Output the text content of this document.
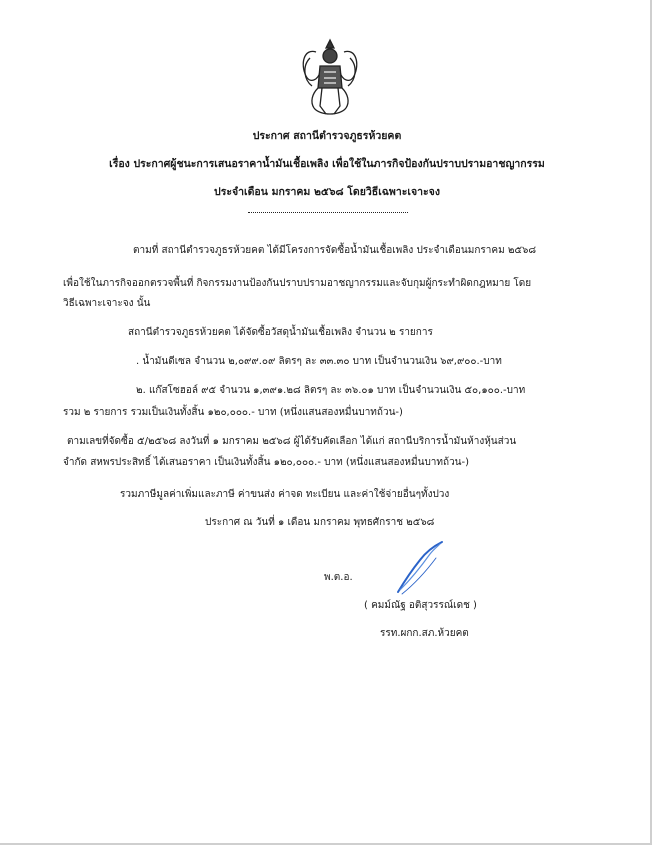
ประกาศ สถานีตำรวจภูธรห้วยคต
เรื่อง ประกาศผู้ชนะการเสนอราคาน้ำมันเชื้อเพลิง เพื่อใช้ในภารกิจป้องกันปราบปรามอาชญากรรม
ประจำเดือน มกราคม ๒๕๖๘ โดยวิธีเฉพาะเจาะจง
ตามที่ สถานีตำรวจภูธรห้วยคต ได้มีโครงการจัดซื้อน้ำมันเชื้อเพลิง ประจำเดือนมกราคม ๒๕๖๘
เพื่อใช้ในภารกิจออกตรวจพื้นที่ กิจกรรมงานป้องกันปราบปรามอาชญากรรมและจับกุมผู้กระทำผิดกฎหมาย โดย
วิธีเฉพาะเจาะจง นั้น
สถานีตำรวจภูธรห้วยคต ได้จัดซื้อวัสดุน้ำมันเชื้อเพลิง จำนวน ๒ รายการ
. น้ำมันดีเซล จำนวน ๒,๐๙๙.๐๙ ลิตรๆ ละ ๓๓.๓๐ บาท เป็นจำนวนเงิน ๖๙,๙๐๐.-บาท
๒. แก๊สโซฮอล์ ๙๕ จำนวน ๑,๓๙๑.๒๘ ลิตรๆ ละ ๓๖.๐๑ บาท เป็นจำนวนเงิน ๕๐,๑๐๐.-บาท
รวม ๒ รายการ รวมเป็นเงินทั้งสิ้น ๑๒๐,๐๐๐.- บาท (หนึ่งแสนสองหมื่นบาทถ้วน-)
ตามเลขที่จัดซื้อ ๕/๒๕๖๘ ลงวันที่ ๑ มกราคม ๒๕๖๘ ผู้ได้รับคัดเลือก ได้แก่ สถานีบริการน้ำมันห้างหุ้นส่วน
จำกัด สหพรประสิทธิ์ ได้เสนอราคา เป็นเงินทั้งสิ้น ๑๒๐,๐๐๐.- บาท (หนึ่งแสนสองหมื่นบาทถ้วน-)
รวมภาษีมูลค่าเพิ่มและภาษี ค่าขนส่ง ค่าจด ทะเบียน และค่าใช้จ่ายอื่นๆทั้งปวง
ประกาศ ณ วันที่ ๑ เดือน มกราคม พุทธศักราช ๒๕๖๘
พ.ต.อ.
( คมม์ณัฐ อติสุวรรณ์เดช )
รรท.ผกก.สภ.ห้วยคต
